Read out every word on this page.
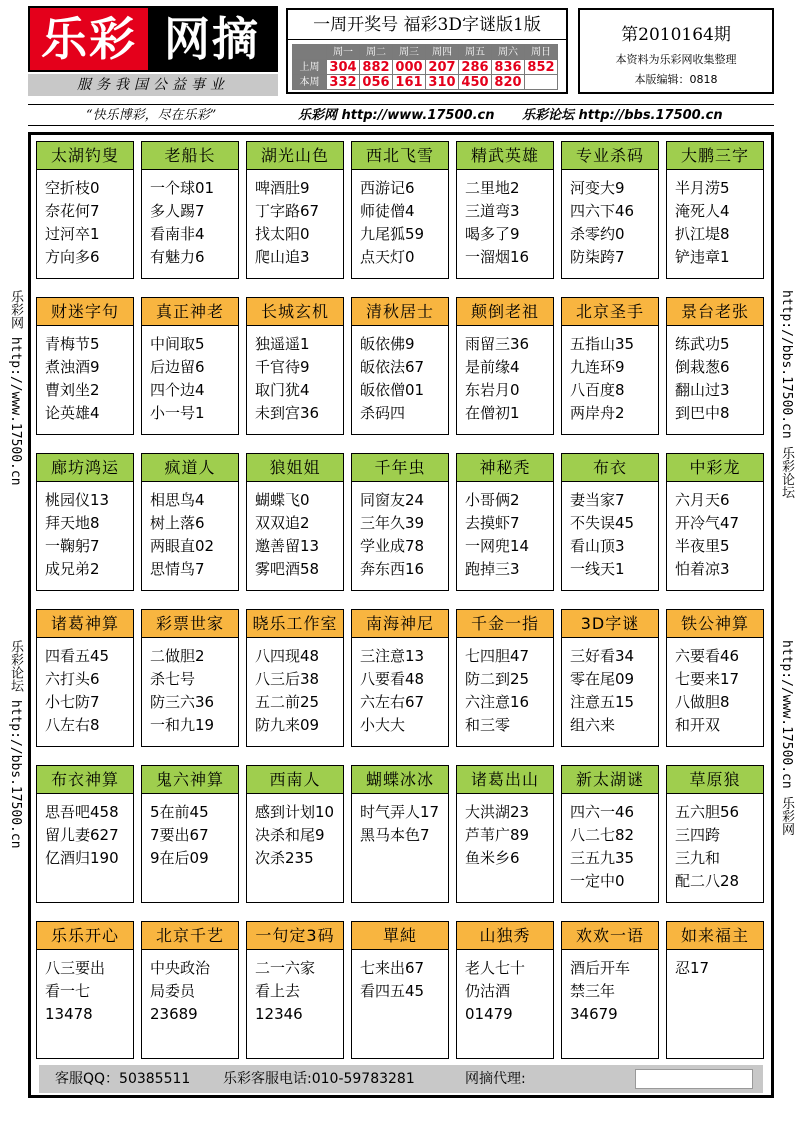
乐彩 网摘
服务我国公益事业
一周开奖号 福彩3D字谜版1版
	周一	周二	周三	周四	周五	周六	周日
上周	304	882	000	207	286	836	852
本周	332	056	161	310	450	820	
第2010164期
本资料为乐彩网收集整理
本版编辑：0818
“快乐博彩，尽在乐彩”	乐彩网 http://www.17500.cn 乐彩论坛 http://bbs.17500.cn
乐彩网 http://www.17500.cn
乐彩论坛 http://bbs.17500.cn
http://bbs.17500.cn 乐彩论坛
http://www.17500.cn 乐彩网
太湖钓叟
空折枝0
奈花何7
过河卒1
方向多6
老船长
一个球01
多人踢7
看南非4
有魅力6
湖光山色
啤酒肚9
丁字路67
找太阳0
爬山追3
西北飞雪
西游记6
师徒僧4
九尾狐59
点天灯0
精武英雄
二里地2
三道弯3
喝多了9
一溜烟16
专业杀码
河变大9
四六下46
杀零约0
防柒跨7
大鹏三字
半月涝5
淹死人4
扒江堤8
铲违章1
财迷字句
青梅节5
煮浊酒9
曹刘坐2
论英雄4
真正神老
中间取5
后边留6
四个边4
小一号1
长城玄机
独遥遥1
千官待9
取门犹4
未到宫36
清秋居士
皈依佛9
皈依法67
皈依僧01
杀码四
颠倒老祖
雨留三36
是前缘4
东岩月0
在僧初1
北京圣手
五指山35
九连环9
八百度8
两岸舟2
景台老张
练武功5
倒栽葱6
翻山过3
到巴中8
廊坊鸿运
桃园仪13
拜天地8
一鞠躬7
成兄弟2
疯道人
相思鸟4
树上落6
两眼直02
思情鸟7
狼姐姐
蝴蝶飞0
双双追2
邀善留13
雾吧酒58
千年虫
同窗友24
三年久39
学业成78
奔东西16
神秘秃
小哥俩2
去摸虾7
一网兜14
跑掉三3
布衣
妻当家7
不失误45
看山顶3
一线天1
中彩龙
六月天6
开冷气47
半夜里5
怕着凉3
诸葛神算
四看五45
六打头6
小七防7
八左右8
彩票世家
二做胆2
杀七号
防三六36
一和九19
晓乐工作室
八四现48
八三后38
五二前25
防九来09
南海神尼
三注意13
八要看48
六左右67
小大大
千金一指
七四胆47
防二到25
六注意16
和三零
3D字谜
三好看34
零在尾09
注意五15
组六来
铁公神算
六要看46
七要来17
八做胆8
和开双
布衣神算
思吾吧458
留儿妻627
亿酒归190
鬼六神算
5在前45
7要出67
9在后09
西南人
感到计划10
决杀和尾9
次杀235
蝴蝶冰冰
时气弄人17
黑马本色7
诸葛出山
大洪湖23
芦苇广89
鱼米乡6
新太湖谜
四六一46
八二七82
三五九35
一定中0
草原狼
五六胆56
三四跨
三九和
配二八28
乐乐开心
八三要出
看一七
13478
北京千艺
中央政治
局委员
23689
一句定3码
二一六家
看上去
12346
單純
七来出67
看四五45
山独秀
老人七十
仍沽酒
01479
欢欢一语
酒后开车
禁三年
34679
如来福主
忍17
客服QQ：50385511 乐彩客服电话:010-59783281	网摘代理:
